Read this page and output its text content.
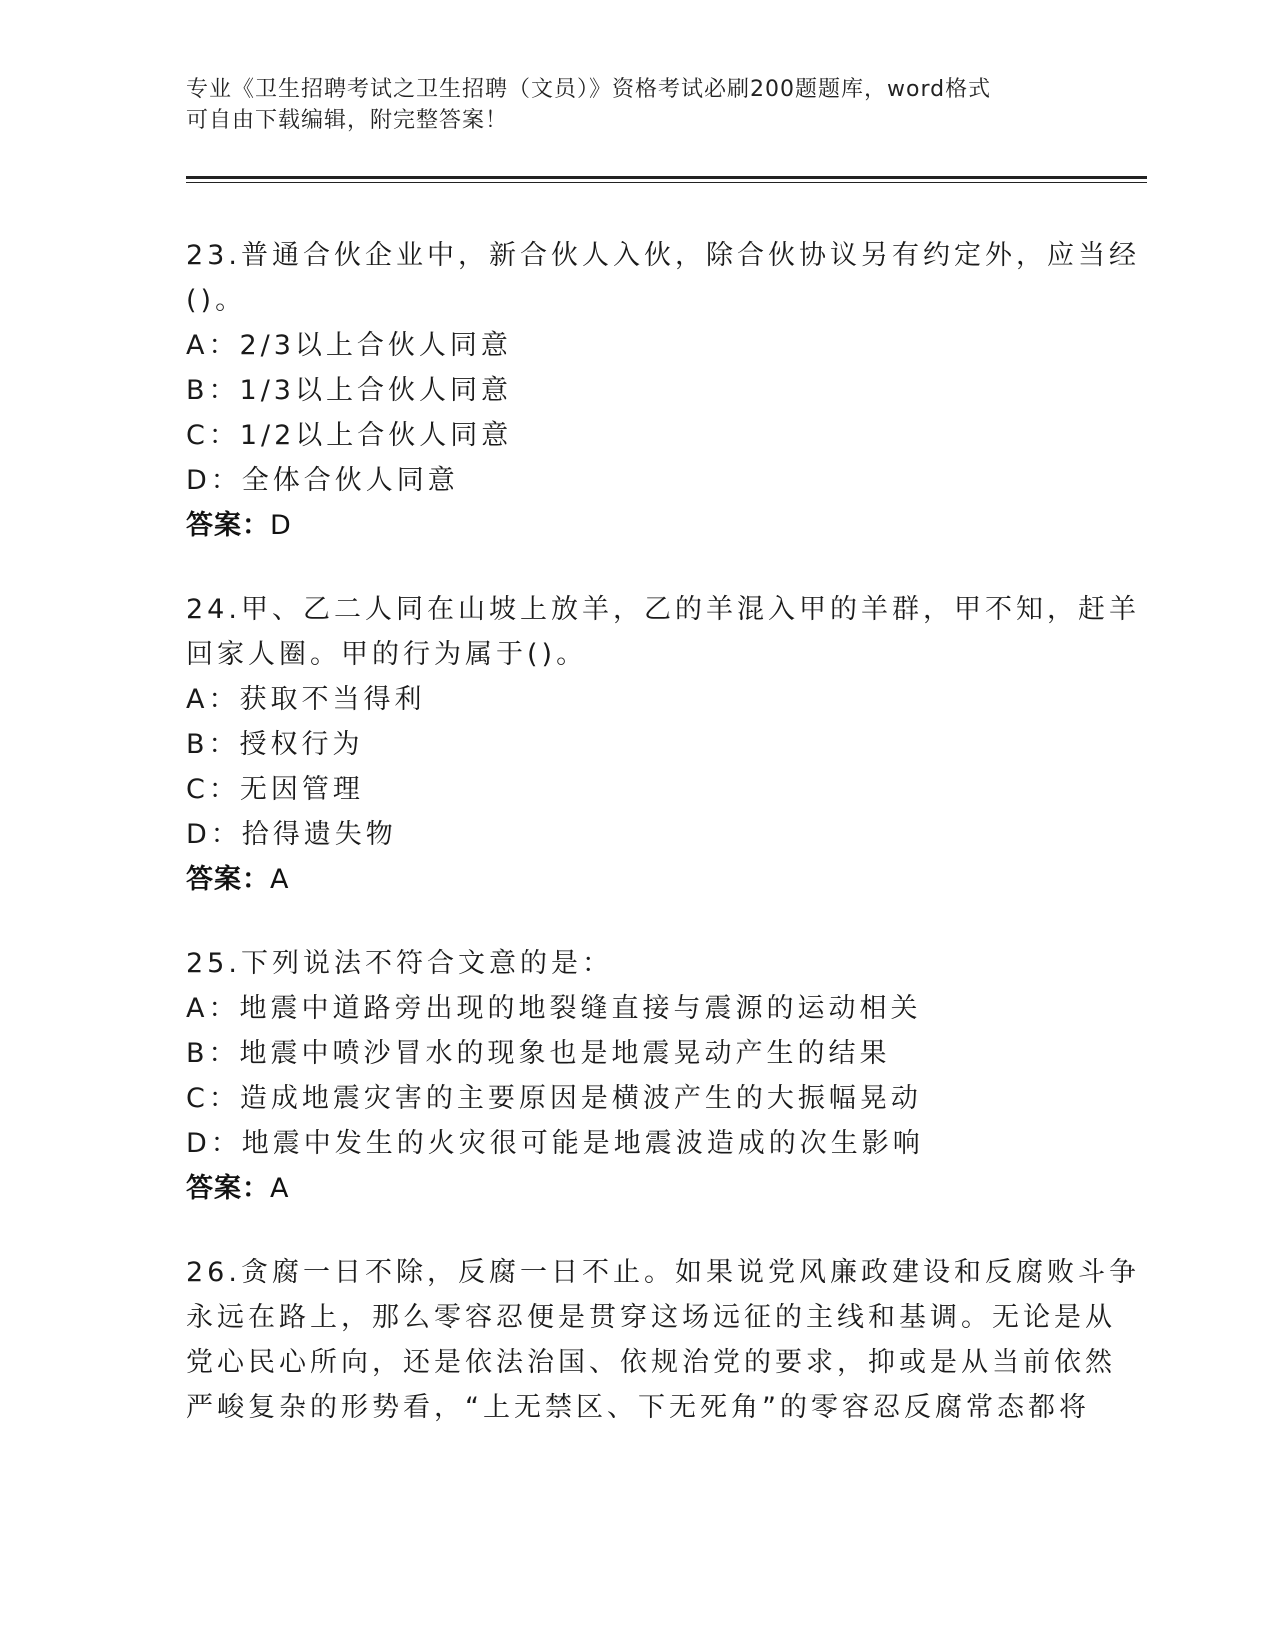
专业《卫生招聘考试之卫生招聘（文员）》资格考试必刷200题题库，word格式
可自由下载编辑，附完整答案！
23.普通合伙企业中，新合伙人入伙，除合伙协议另有约定外，应当经
()。
A：2/3以上合伙人同意
B：1/3以上合伙人同意
C：1/2以上合伙人同意
D：全体合伙人同意
答案：D
24.甲、乙二人同在山坡上放羊，乙的羊混入甲的羊群，甲不知，赶羊
回家人圈。甲的行为属于()。
A：获取不当得利
B：授权行为
C：无因管理
D：拾得遗失物
答案：A
25.下列说法不符合文意的是：
A：地震中道路旁出现的地裂缝直接与震源的运动相关
B：地震中喷沙冒水的现象也是地震晃动产生的结果
C：造成地震灾害的主要原因是横波产生的大振幅晃动
D：地震中发生的火灾很可能是地震波造成的次生影响
答案：A
26.贪腐一日不除，反腐一日不止。如果说党风廉政建设和反腐败斗争
永远在路上，那么零容忍便是贯穿这场远征的主线和基调。无论是从
党心民心所向，还是依法治国、依规治党的要求，抑或是从当前依然
严峻复杂的形势看，“上无禁区、下无死角”的零容忍反腐常态都将
